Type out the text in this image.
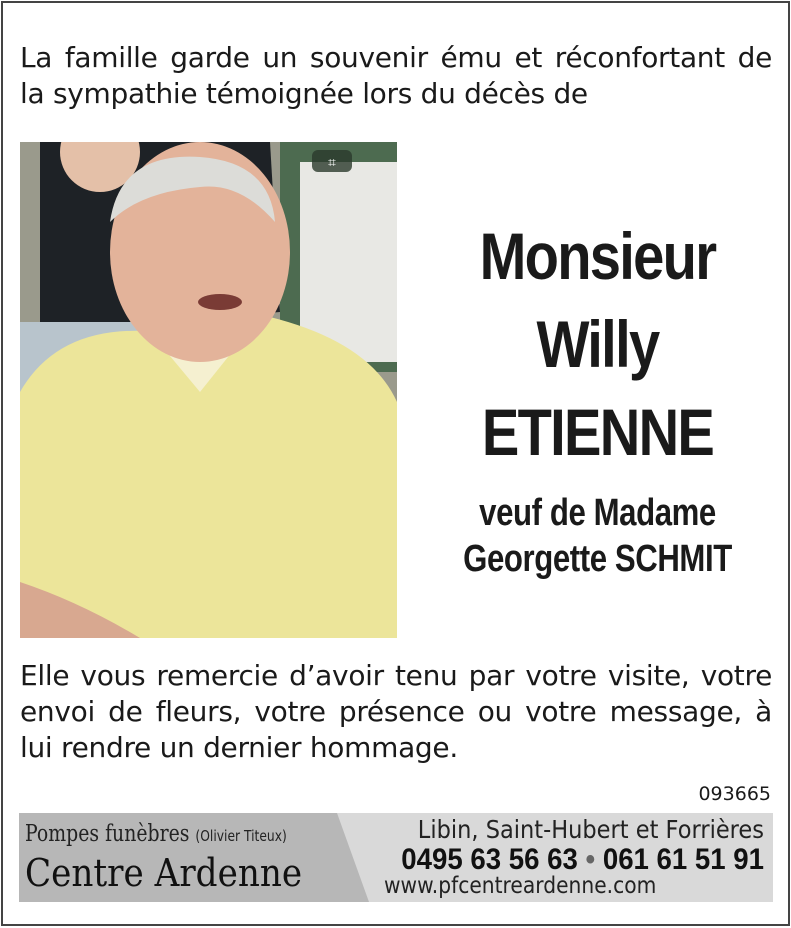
La famille garde un souvenir ému et réconfortant de la sympathie témoignée lors du décès de
⌗
Monsieur
Willy
ETIENNE
veuf de Madame
Georgette SCHMIT
Elle vous remercie d’avoir tenu par votre visite, votre envoi de fleurs, votre présence ou votre message, à lui rendre un dernier hommage.
093665
Pompes funèbres (Olivier Titeux)
Centre Ardenne
Libin, Saint-Hubert et Forrières
0495 63 56 63 • 061 61 51 91
www.pfcentreardenne.com
